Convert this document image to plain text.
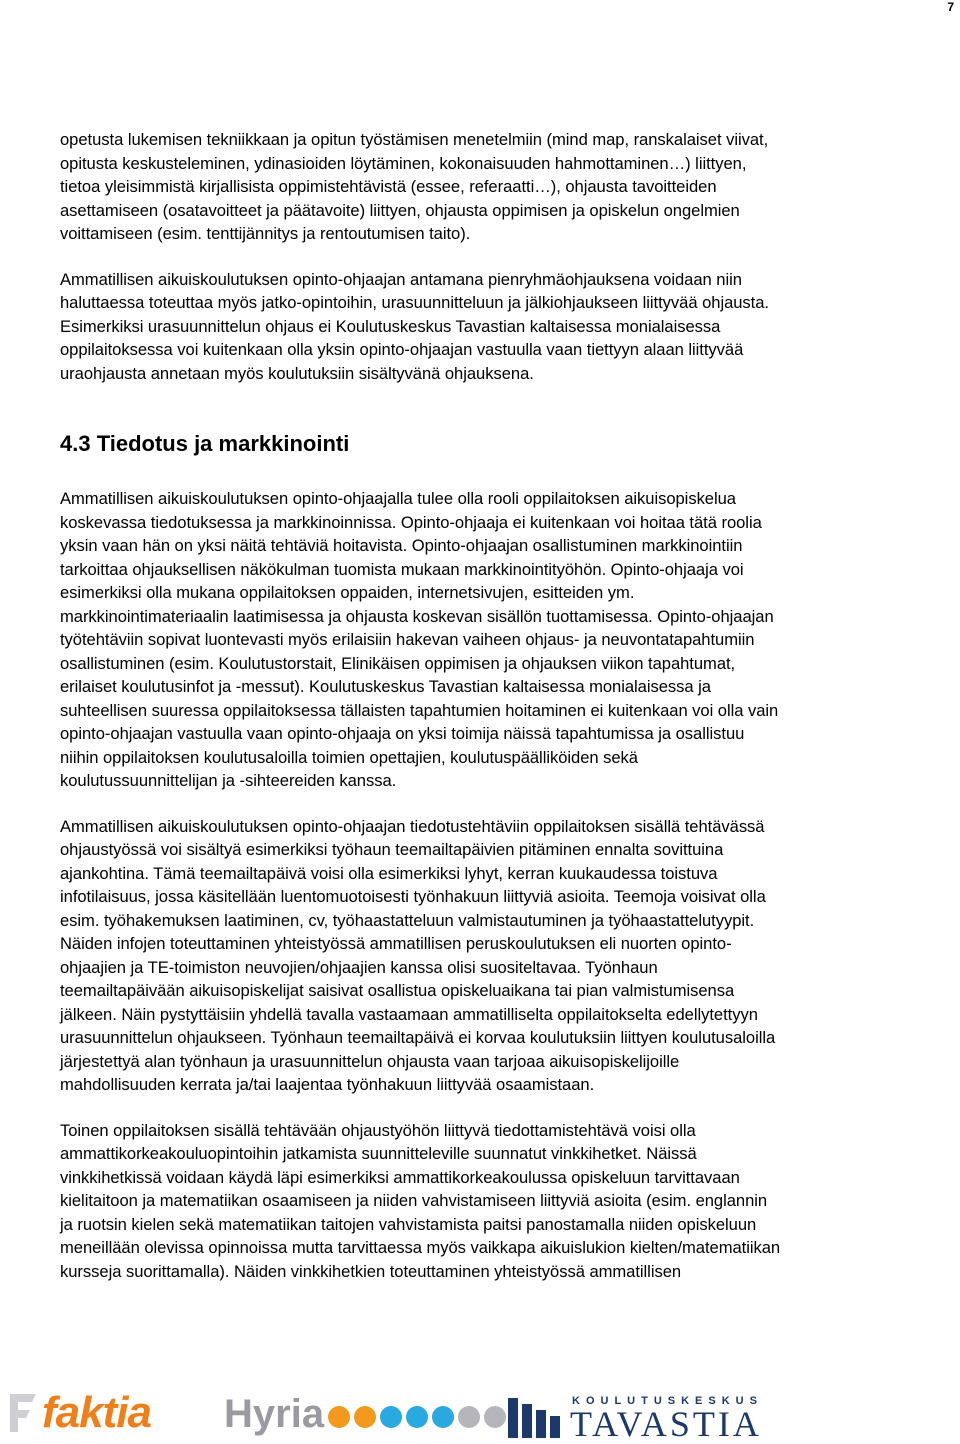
7

opetusta lukemisen tekniikkaan ja opitun työstämisen menetelmiin (mind map, ranskalaiset viivat,
opitusta keskusteleminen, ydinasioiden löytäminen, kokonaisuuden hahmottaminen…) liittyen,
tietoa yleisimmistä kirjallisista oppimistehtävistä (essee, referaatti…), ohjausta tavoitteiden
asettamiseen (osatavoitteet ja päätavoite) liittyen, ohjausta oppimisen ja opiskelun ongelmien
voittamiseen (esim. tenttijännitys ja rentoutumisen taito).

Ammatillisen aikuiskoulutuksen opinto-ohjaajan antamana pienryhmäohjauksena voidaan niin
haluttaessa toteuttaa myös jatko-opintoihin, urasuunnitteluun ja jälkiohjaukseen liittyvää ohjausta.
Esimerkiksi urasuunnittelun ohjaus ei Koulutuskeskus Tavastian kaltaisessa monialaisessa
oppilaitoksessa voi kuitenkaan olla yksin opinto-ohjaajan vastuulla vaan tiettyyn alaan liittyvää
uraohjausta annetaan myös koulutuksiin sisältyvänä ohjauksena.

4.3 Tiedotus ja markkinointi

Ammatillisen aikuiskoulutuksen opinto-ohjaajalla tulee olla rooli oppilaitoksen aikuisopiskelua
koskevassa tiedotuksessa ja markkinoinnissa. Opinto-ohjaaja ei kuitenkaan voi hoitaa tätä roolia
yksin vaan hän on yksi näitä tehtäviä hoitavista. Opinto-ohjaajan osallistuminen markkinointiin
tarkoittaa ohjauksellisen näkökulman tuomista mukaan markkinointityöhön. Opinto-ohjaaja voi
esimerkiksi olla mukana oppilaitoksen oppaiden, internetsivujen, esitteiden ym.
markkinointimateriaalin laatimisessa ja ohjausta koskevan sisällön tuottamisessa. Opinto-ohjaajan
työtehtäviin sopivat luontevasti myös erilaisiin hakevan vaiheen ohjaus- ja neuvontatapahtumiin
osallistuminen (esim. Koulutustorstait, Elinikäisen oppimisen ja ohjauksen viikon tapahtumat,
erilaiset koulutusinfot ja -messut). Koulutuskeskus Tavastian kaltaisessa monialaisessa ja
suhteellisen suuressa oppilaitoksessa tällaisten tapahtumien hoitaminen ei kuitenkaan voi olla vain
opinto-ohjaajan vastuulla vaan opinto-ohjaaja on yksi toimija näissä tapahtumissa ja osallistuu
niihin oppilaitoksen koulutusaloilla toimien opettajien, koulutuspäälliköiden sekä
koulutussuunnittelijan ja -sihteereiden kanssa.

Ammatillisen aikuiskoulutuksen opinto-ohjaajan tiedotustehtäviin oppilaitoksen sisällä tehtävässä
ohjaustyössä voi sisältyä esimerkiksi työhaun teemailtapäivien pitäminen ennalta sovittuina
ajankohtina. Tämä teemailtapäivä voisi olla esimerkiksi lyhyt, kerran kuukaudessa toistuva
infotilaisuus, jossa käsitellään luentomuotoisesti työnhakuun liittyviä asioita. Teemoja voisivat olla
esim. työhakemuksen laatiminen, cv, työhaastatteluun valmistautuminen ja työhaastattelutyypit.
Näiden infojen toteuttaminen yhteistyössä ammatillisen peruskoulutuksen eli nuorten opinto-
ohjaajien ja TE-toimiston neuvojien/ohjaajien kanssa olisi suositeltavaa. Työnhaun
teemailtapäivään aikuisopiskelijat saisivat osallistua opiskeluaikana tai pian valmistumisensa
jälkeen. Näin pystyttäisiin yhdellä tavalla vastaamaan ammatilliselta oppilaitokselta edellytettyyn
urasuunnittelun ohjaukseen. Työnhaun teemailtapäivä ei korvaa koulutuksiin liittyen koulutusaloilla
järjestettyä alan työnhaun ja urasuunnittelun ohjausta vaan tarjoaa aikuisopiskelijoille
mahdollisuuden kerrata ja/tai laajentaa työnhakuun liittyvää osaamistaan.

Toinen oppilaitoksen sisällä tehtävään ohjaustyöhön liittyvä tiedottamistehtävä voisi olla
ammattikorkeakouluopintoihin jatkamista suunnitteleville suunnatut vinkkihetket. Näissä
vinkkihetkissä voidaan käydä läpi esimerkiksi ammattikorkeakoulussa opiskeluun tarvittavaan
kielitaitoon ja matematiikan osaamiseen ja niiden vahvistamiseen liittyviä asioita (esim. englannin
ja ruotsin kielen sekä matematiikan taitojen vahvistamista paitsi panostamalla niiden opiskeluun
meneillään olevissa opinnoissa mutta tarvittaessa myös vaikkapa aikuislukion kielten/matematiikan
kursseja suorittamalla). Näiden vinkkihetkien toteuttaminen yhteistyössä ammatillisen

faktia Hyria	KOULUTUSKESKUS
TAVASTIA
